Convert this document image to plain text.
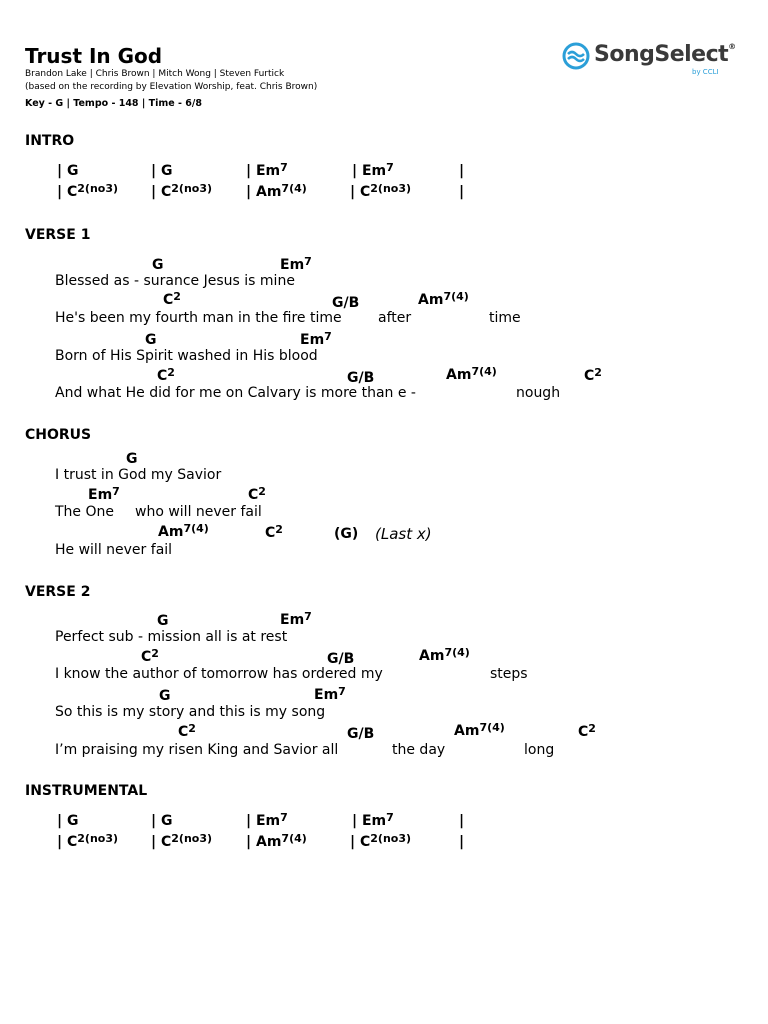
Trust In God
Brandon Lake | Chris Brown | Mitch Wong | Steven Furtick
(based on the recording by Elevation Worship, feat. Chris Brown)
Key - G | Tempo - 148 | Time - 6/8
SongSelect®
by CCLI
INTRO
| G	| G	| Em$^7$	| Em$^7$	|
| $C^{2(no3)}$ | $C^{2(no3)}$ | $Am^{7(4)}$	| $C^{2(no3)}$	|
VERSE 1
G	Em$^7$
Blessed as - surance Jesus is mine
$C^2$	G/B	$Am^{7(4)}$
He's been my fourth man in the fire time	after	time
G	Em$^7$
Born of His Spirit washed in His blood
$C^2$	G/B	$Am^{7(4)}$	$C^2$
And what He did for me on Calvary is more than e -	nough
CHORUS
G
I trust in God my Savior
Em$^7$	$C^2$
The One who will never fail
$Am^{7(4)}$	$C^2$	(G) (Last x)
He will never fail
VERSE 2
G	Em$^7$
Perfect sub - mission all is at rest
$C^2$	G/B	$Am^{7(4)}$
I know the author of tomorrow has ordered my	steps
G	Em$^7$
So this is my story and this is my song
$C^2$	G/B	$Am^{7(4)}$	$C^2$
I’m praising my risen King and Savior all	the day	long
INSTRUMENTAL
| G	| G	| Em$^7$	| Em$^7$	|
| $C^{2(no3)}$ | $C^{2(no3)}$ | $Am^{7(4)}$	| $C^{2(no3)}$	|
